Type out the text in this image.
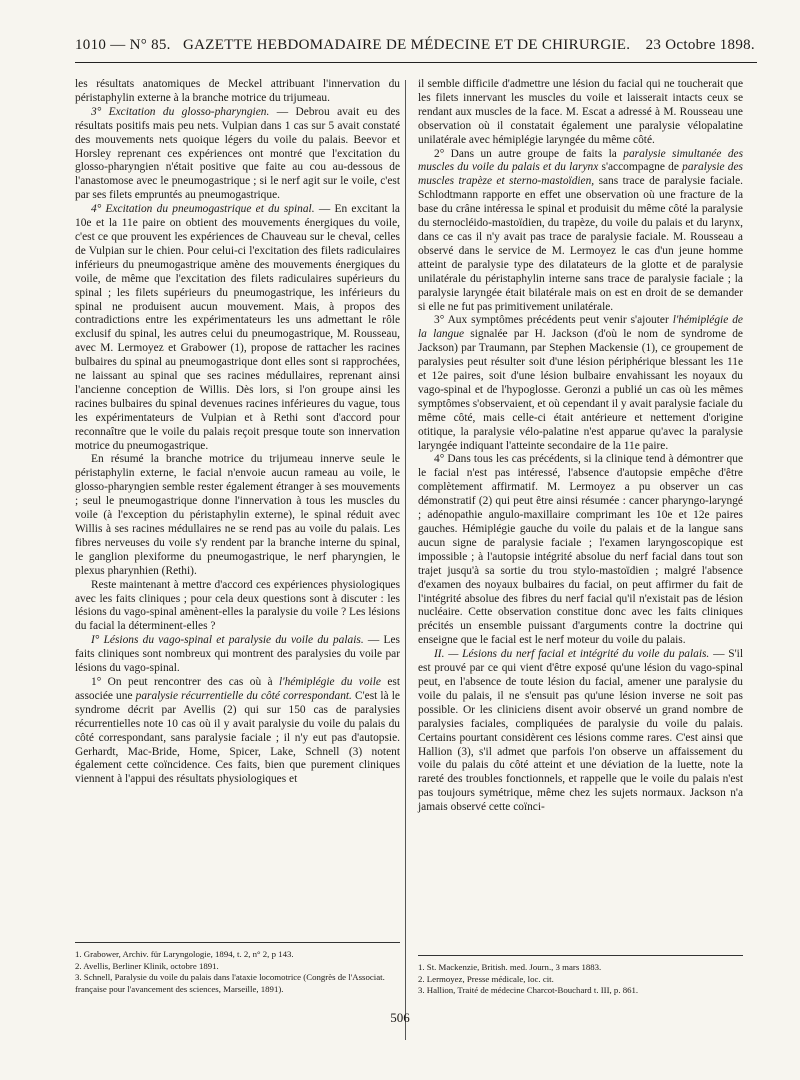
1010 — N° 85. GAZETTE HEBDOMADAIRE DE MÉDECINE ET DE CHIRURGIE. 23 Octobre 1898.

les résultats anatomiques de Meckel attribuant l'innervation du péristaphylin externe à la branche motrice du trijumeau.

3° Excitation du glosso-pharyngien. — Debrou avait eu des résultats positifs mais peu nets. Vulpian dans 1 cas sur 5 avait constaté des mouvements nets quoique légers du voile du palais. Beevor et Horsley reprenant ces expériences ont montré que l'excitation du glosso-pharyngien n'était positive que faite au cou au-dessous de l'anastomose avec le pneumogastrique ; si le nerf agit sur le voile, c'est par ses filets empruntés au pneumogastrique.

4° Excitation du pneumogastrique et du spinal. — En excitant la 10e et la 11e paire on obtient des mouvements énergiques du voile, c'est ce que prouvent les expériences de Chauveau sur le cheval, celles de Vulpian sur le chien. Pour celui-ci l'excitation des filets radiculaires inférieurs du pneumogastrique amène des mouvements énergiques du voile, de même que l'excitation des filets radiculaires supérieurs du spinal ; les filets supérieurs du pneumogastrique, les inférieurs du spinal ne produisent aucun mouvement. Mais, à propos des contradictions entre les expérimentateurs les uns admettant le rôle exclusif du spinal, les autres celui du pneumogastrique, M. Rousseau, avec M. Lermoyez et Grabower (1), propose de rattacher les racines bulbaires du spinal au pneumogastrique dont elles sont si rapprochées, ne laissant au spinal que ses racines médullaires, reprenant ainsi l'ancienne conception de Willis. Dès lors, si l'on groupe ainsi les racines bulbaires du spinal devenues racines inférieures du vague, tous les expérimentateurs de Vulpian et à Rethi sont d'accord pour reconnaître que le voile du palais reçoit presque toute son innervation motrice du pneumogastrique.

En résumé la branche motrice du trijumeau innerve seule le péristaphylin externe, le facial n'envoie aucun rameau au voile, le glosso-pharyngien semble rester également étranger à ses mouvements ; seul le pneumogastrique donne l'innervation à tous les muscles du voile (à l'exception du péristaphylin externe), le spinal réduit avec Willis à ses racines médullaires ne se rend pas au voile du palais. Les fibres nerveuses du voile s'y rendent par la branche interne du spinal, le ganglion plexiforme du pneumogastrique, le nerf pharyngien, le plexus pharynhien (Rethi).

Reste maintenant à mettre d'accord ces expériences physiologiques avec les faits cliniques ; pour cela deux questions sont à discuter : les lésions du vago-spinal amènent-elles la paralysie du voile ? Les lésions du facial la déterminent-elles ?

I° Lésions du vago-spinal et paralysie du voile du palais. — Les faits cliniques sont nombreux qui montrent des paralysies du voile par lésions du vago-spinal.

1° On peut rencontrer des cas où à l'hémiplégie du voile est associée une paralysie récurrentielle du côté correspondant. C'est là le syndrome décrit par Avellis (2) qui sur 150 cas de paralysies récurrentielles note 10 cas où il y avait paralysie du voile du palais du côté correspondant, sans paralysie faciale ; il n'y eut pas d'autopsie. Gerhardt, Mac-Bride, Home, Spicer, Lake, Schnell (3) notent également cette coïncidence. Ces faits, bien que purement cliniques viennent à l'appui des résultats physiologiques et

1. Grabower, Archiv. für Laryngologie, 1894, t. 2, n° 2, p 143.

2. Avellis, Berliner Klinik, octobre 1891.

3. Schnell, Paralysie du voile du palais dans l'ataxie locomotrice (Congrès de l'Associat. française pour l'avancement des sciences, Marseille, 1891).

il semble difficile d'admettre une lésion du facial qui ne toucherait que les filets innervant les muscles du voile et laisserait intacts ceux se rendant aux muscles de la face. M. Escat a adressé à M. Rousseau une observation où il constatait également une paralysie vélopalatine unilatérale avec hémiplégie laryngée du même côté.

2° Dans un autre groupe de faits la paralysie simultanée des muscles du voile du palais et du larynx s'accompagne de paralysie des muscles trapèze et sterno-mastoïdien, sans trace de paralysie faciale. Schlodtmann rapporte en effet une observation où une fracture de la base du crâne intéressa le spinal et produisit du même côté la paralysie du sternocléido-mastoïdien, du trapèze, du voile du palais et du larynx, dans ce cas il n'y avait pas trace de paralysie faciale. M. Rousseau a observé dans le service de M. Lermoyez le cas d'un jeune homme atteint de paralysie type des dilatateurs de la glotte et de paralysie unilatérale du péristaphylin interne sans trace de paralysie faciale ; la paralysie laryngée était bilatérale mais on est en droit de se demander si elle ne fut pas primitivement unilatérale.

3° Aux symptômes précédents peut venir s'ajouter l'hémiplégie de la langue signalée par H. Jackson (d'où le nom de syndrome de Jackson) par Traumann, par Stephen Mackensie (1), ce groupement de paralysies peut résulter soit d'une lésion périphérique blessant les 11e et 12e paires, soit d'une lésion bulbaire envahissant les noyaux du vago-spinal et de l'hypoglosse. Geronzi a publié un cas où les mêmes symptômes s'observaient, et où cependant il y avait paralysie faciale du même côté, mais celle-ci était antérieure et nettement d'origine otitique, la paralysie vélo-palatine n'est apparue qu'avec la paralysie laryngée indiquant l'atteinte secondaire de la 11e paire.

4° Dans tous les cas précédents, si la clinique tend à démontrer que le facial n'est pas intéressé, l'absence d'autopsie empêche d'être complètement affirmatif. M. Lermoyez a pu observer un cas démonstratif (2) qui peut être ainsi résumée : cancer pharyngo-laryngé ; adénopathie angulo-maxillaire comprimant les 10e et 12e paires gauches. Hémiplégie gauche du voile du palais et de la langue sans aucun signe de paralysie faciale ; l'examen laryngoscopique est impossible ; à l'autopsie intégrité absolue du nerf facial dans tout son trajet jusqu'à sa sortie du trou stylo-mastoïdien ; malgré l'absence d'examen des noyaux bulbaires du facial, on peut affirmer du fait de l'intégrité absolue des fibres du nerf facial qu'il n'existait pas de lésion nucléaire. Cette observation constitue donc avec les faits cliniques précités un ensemble puissant d'arguments contre la doctrine qui enseigne que le facial est le nerf moteur du voile du palais.

II. — Lésions du nerf facial et intégrité du voile du palais. — S'il est prouvé par ce qui vient d'être exposé qu'une lésion du vago-spinal peut, en l'absence de toute lésion du facial, amener une paralysie du voile du palais, il ne s'ensuit pas qu'une lésion inverse ne soit pas possible. Or les cliniciens disent avoir observé un grand nombre de paralysies faciales, compliquées de paralysie du voile du palais. Certains pourtant considèrent ces lésions comme rares. C'est ainsi que Hallion (3), s'il admet que parfois l'on observe un affaissement du voile du palais du côté atteint et une déviation de la luette, note la rareté des troubles fonctionnels, et rappelle que le voile du palais n'est pas toujours symétrique, même chez les sujets normaux. Jackson n'a jamais observé cette coïnci-

1. St. Mackenzie, British. med. Journ., 3 mars 1883.

2. Lermoyez, Presse médicale, loc. cit.

3. Hallion, Traité de médecine Charcot-Bouchard t. III, p. 861.

506
